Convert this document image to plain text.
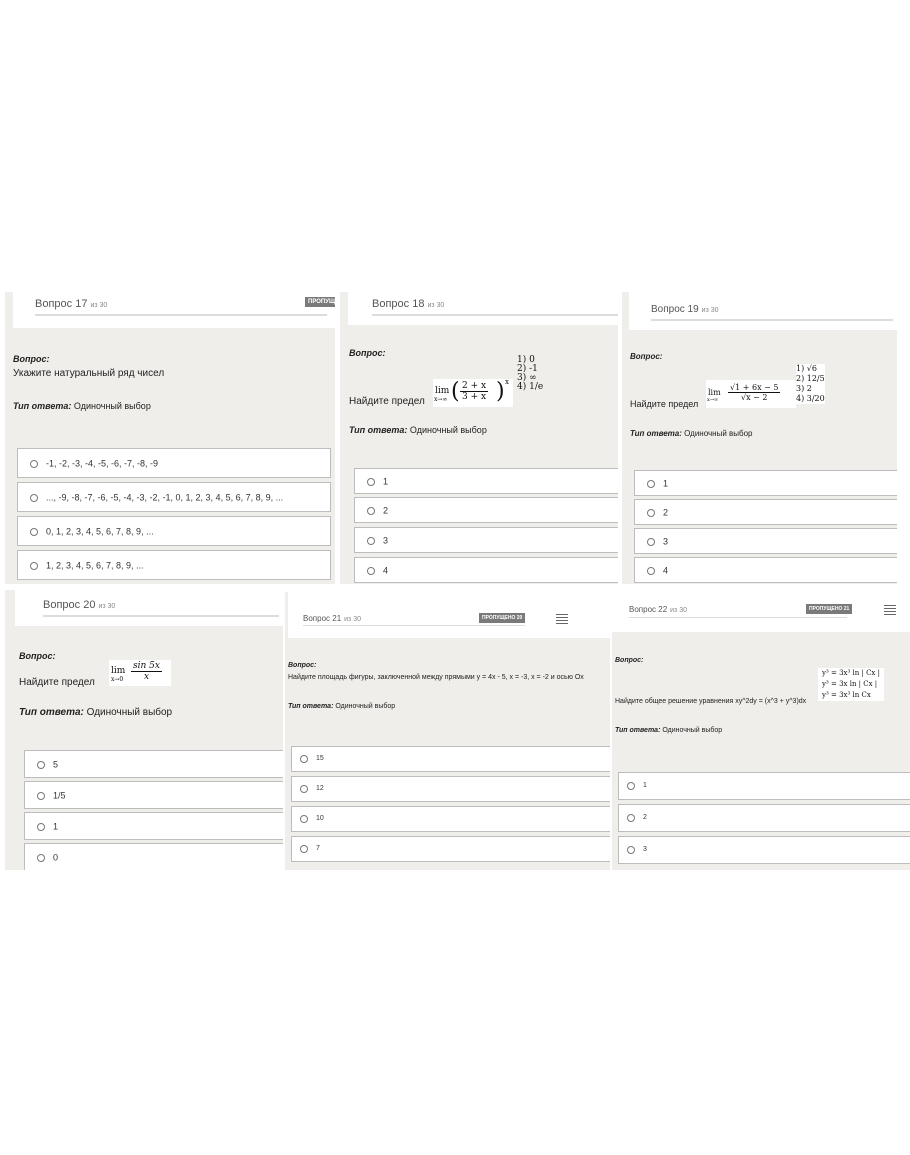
Вопрос 17 из 30	ПРОПУЩ
Вопрос:
Укажите натуральный ряд чисел
Тип ответа: Одиночный выбор
-1, -2, -3, -4, -5, -6, -7, -8, -9
..., -9, -8, -7, -6, -5, -4, -3, -2, -1, 0, 1, 2, 3, 4, 5, 6, 7, 8, 9, ...
0, 1, 2, 3, 4, 5, 6, 7, 8, 9, ...
1, 2, 3, 4, 5, 6, 7, 8, 9, ...
Вопрос 18 из 30
Вопрос:
Найдите предел
lim
x→∞ ( $\frac{2 + x}{3 + x}$ ) x
1) 0
2) -1
3) ∞
4) 1/e
Тип ответа: Одиночный выбор
1
2
3
4
Вопрос 19 из 30
Вопрос:
Найдите предел
lim
$x\to\infty \frac{√1 + 6x - 5}{√x - 2}$
1) √6
2) 12/5
3) 2
4) 3/20
Тип ответа: Одиночный выбор
1
2
3
4
Вопрос 20 из 30
Вопрос:
Найдите предел
lim
$x\to 0 \frac{\sin 5x}{x}$
Тип ответа: Одиночный выбор
5
1/5
1
0
Вопрос 21 из 30	ПРОПУЩЕНО 20
Вопрос:
Найдите площадь фигуры, заключенной между прямыми y = 4x - 5, x = -3, x = -2 и осью Ox
Тип ответа: Одиночный выбор
15
12
10
7
Вопрос 22 из 30	ПРОПУЩЕНО 21
Вопрос:
Найдите общее решение уравнения xy^2dy = (x^3 + y^3)dx
y³ = 3x³ ln | Cx |
y³ = 3x ln | Cx |
y³ = 3x³ ln Cx
Тип ответа: Одиночный выбор
1
2
3
